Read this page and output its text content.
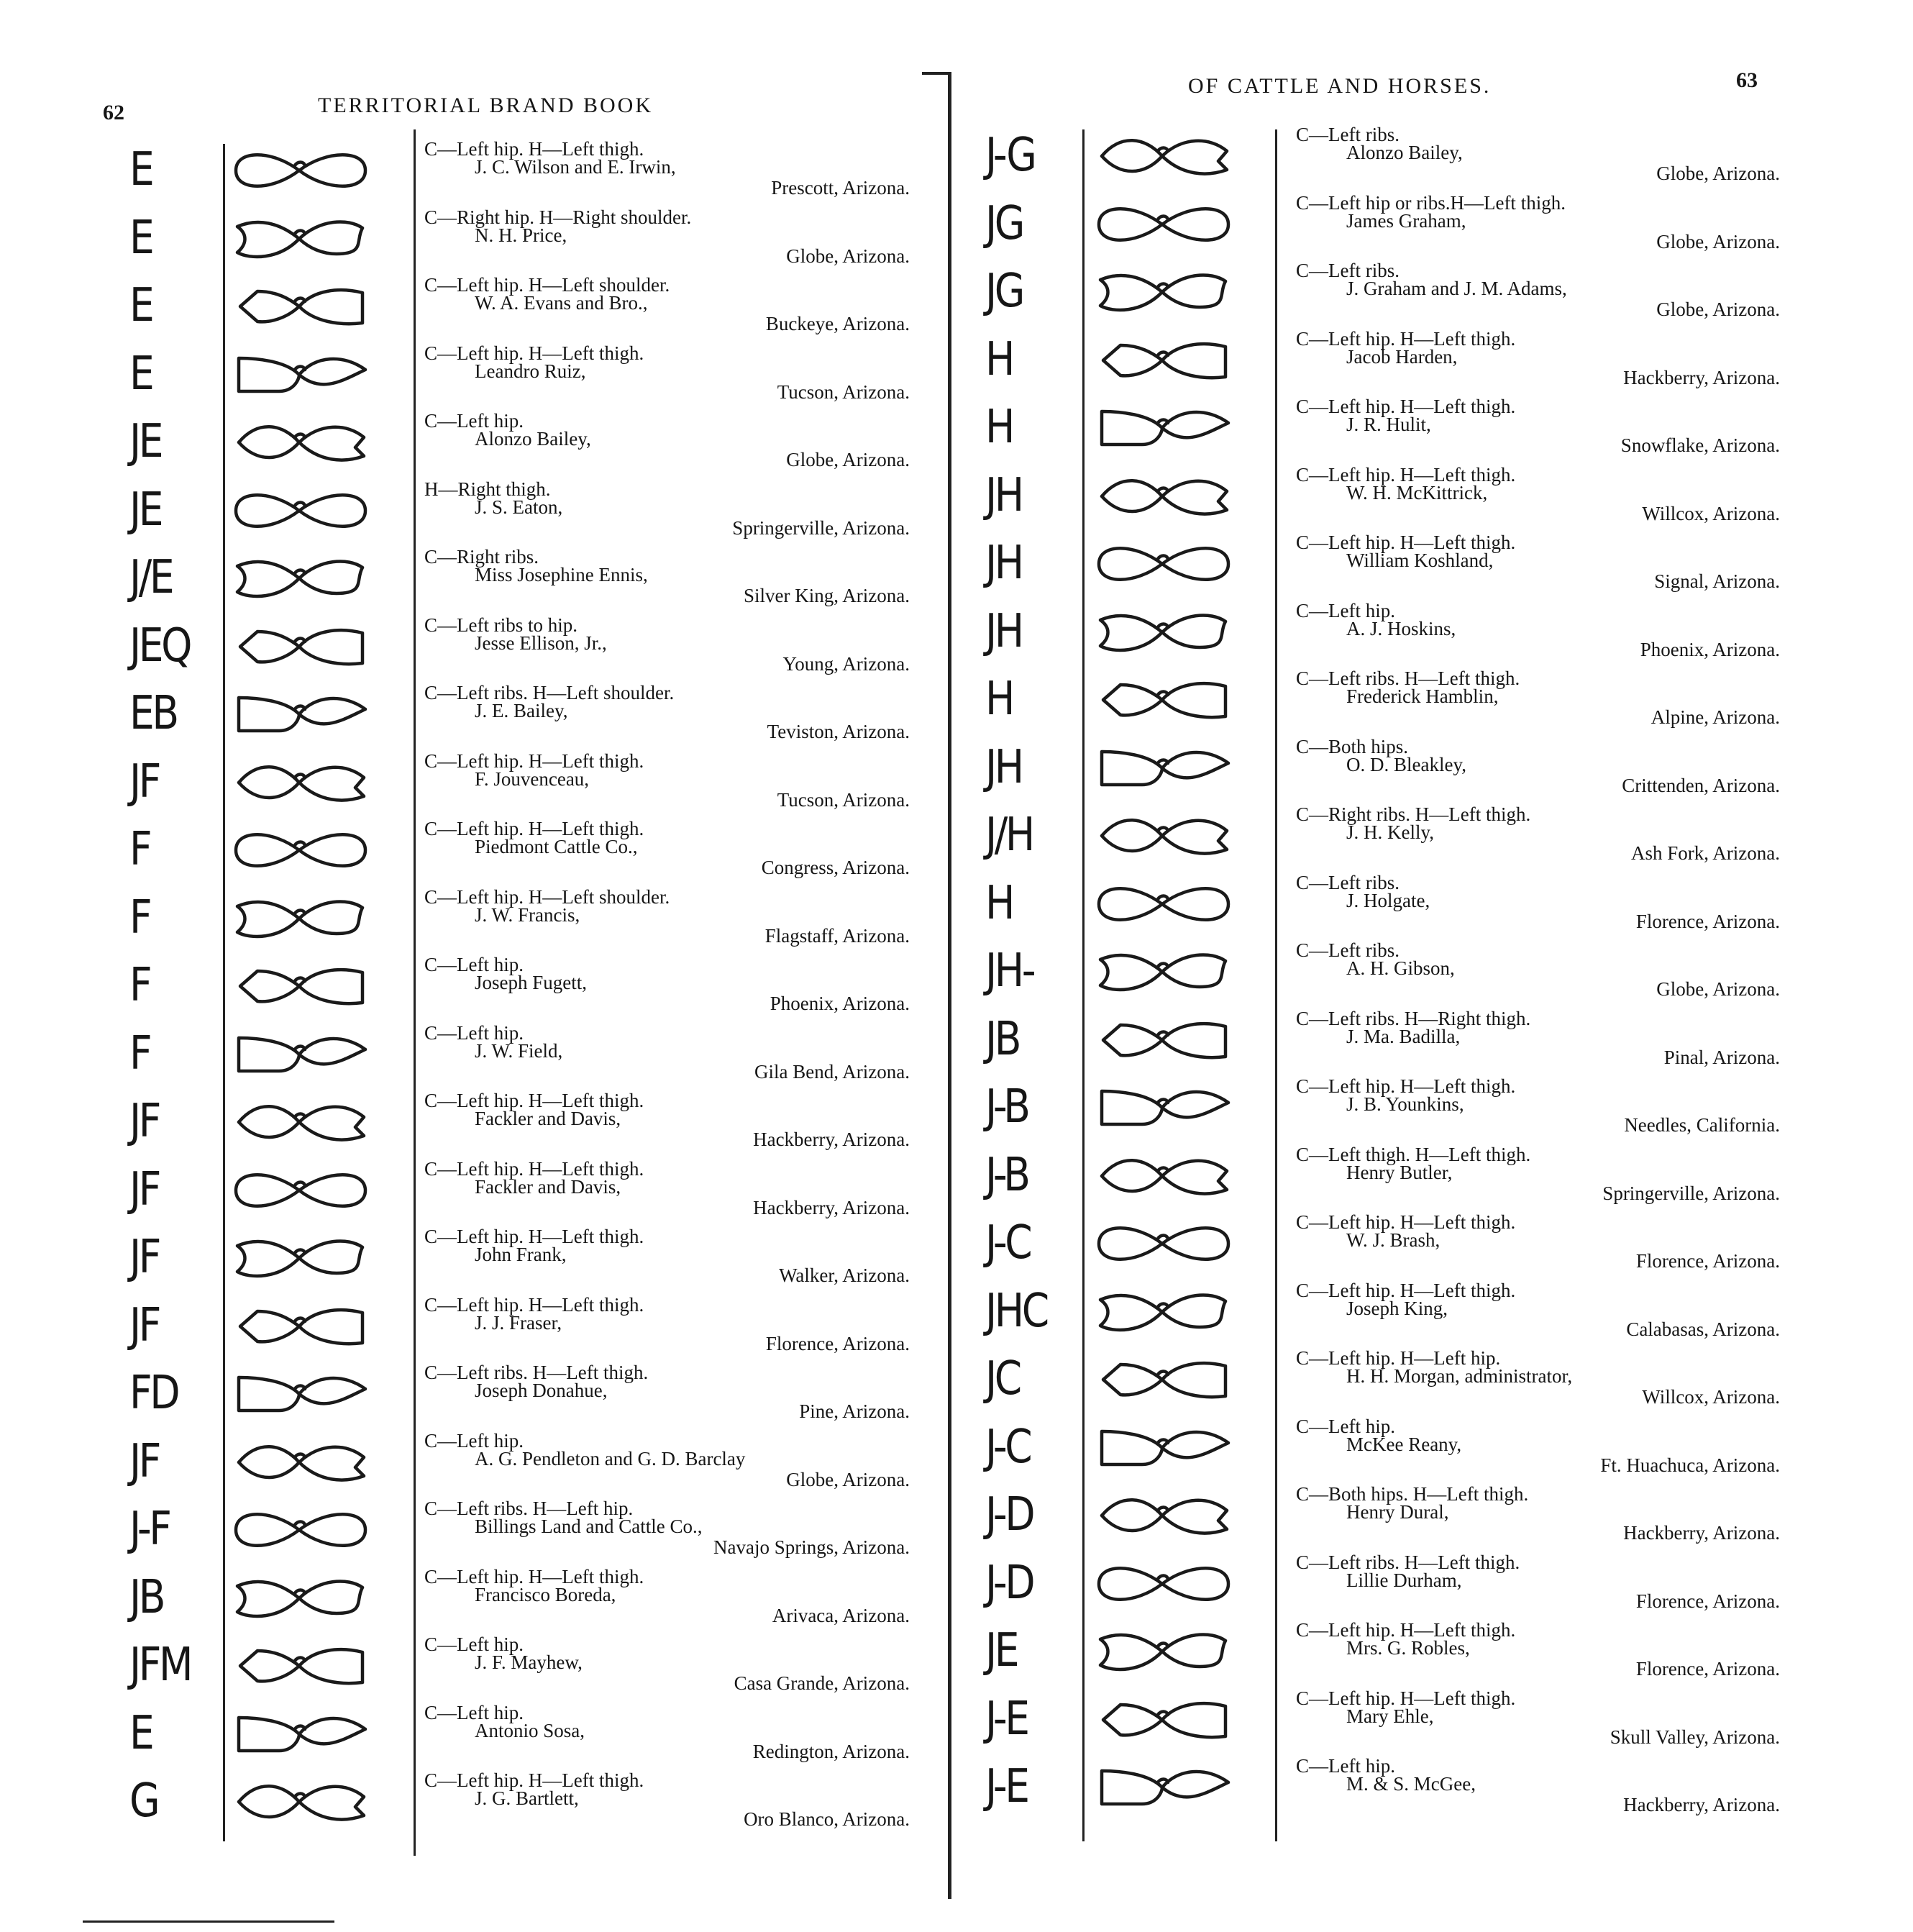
62	TERRITORIAL BRAND BOOK
OF CATTLE AND HORSES.	63
E	C—Left hip. H—Left thigh.
J. C. Wilson and E. Irwin,
Prescott, Arizona.
E	C—Right hip. H—Right shoulder.
N. H. Price,
Globe, Arizona.
E	C—Left hip. H—Left shoulder.
W. A. Evans and Bro.,
Buckeye, Arizona.
E	C—Left hip. H—Left thigh.
Leandro Ruiz,
Tucson, Arizona.
JE	C—Left hip.
Alonzo Bailey,
Globe, Arizona.
JE	H—Right thigh.
J. S. Eaton,
Springerville, Arizona.
J/E	C—Right ribs.
Miss Josephine Ennis,
Silver King, Arizona.
JEQ	C—Left ribs to hip.
Jesse Ellison, Jr.,
Young, Arizona.
EB	C—Left ribs. H—Left shoulder.
J. E. Bailey,
Teviston, Arizona.
JF	C—Left hip. H—Left thigh.
F. Jouvenceau,
Tucson, Arizona.
F	C—Left hip. H—Left thigh.
Piedmont Cattle Co.,
Congress, Arizona.
F	C—Left hip. H—Left shoulder.
J. W. Francis,
Flagstaff, Arizona.
F	C—Left hip.
Joseph Fugett,
Phoenix, Arizona.
F	C—Left hip.
J. W. Field,
Gila Bend, Arizona.
JF	C—Left hip. H—Left thigh.
Fackler and Davis,
Hackberry, Arizona.
JF	C—Left hip. H—Left thigh.
Fackler and Davis,
Hackberry, Arizona.
JF	C—Left hip. H—Left thigh.
John Frank,
Walker, Arizona.
JF	C—Left hip. H—Left thigh.
J. J. Fraser,
Florence, Arizona.
FD	C—Left ribs. H—Left thigh.
Joseph Donahue,
Pine, Arizona.
JF	C—Left hip.
A. G. Pendleton and G. D. Barclay
Globe, Arizona.
J-F	C—Left ribs. H—Left hip.
Billings Land and Cattle Co.,
Navajo Springs, Arizona.
JB	C—Left hip. H—Left thigh.
Francisco Boreda,
Arivaca, Arizona.
JFM	C—Left hip.
J. F. Mayhew,
Casa Grande, Arizona.
E	C—Left hip.
Antonio Sosa,
Redington, Arizona.
G	C—Left hip. H—Left thigh.
J. G. Bartlett,
Oro Blanco, Arizona.
J-G	C—Left ribs.
Alonzo Bailey,
Globe, Arizona.
JG	C—Left hip or ribs.H—Left thigh.
James Graham,
Globe, Arizona.
JG	C—Left ribs.
J. Graham and J. M. Adams,
Globe, Arizona.
H	C—Left hip. H—Left thigh.
Jacob Harden,
Hackberry, Arizona.
H	C—Left hip. H—Left thigh.
J. R. Hulit,
Snowflake, Arizona.
JH	C—Left hip. H—Left thigh.
W. H. McKittrick,
Willcox, Arizona.
JH	C—Left hip. H—Left thigh.
William Koshland,
Signal, Arizona.
JH	C—Left hip.
A. J. Hoskins,
Phoenix, Arizona.
H	C—Left ribs. H—Left thigh.
Frederick Hamblin,
Alpine, Arizona.
JH	C—Both hips.
O. D. Bleakley,
Crittenden, Arizona.
J/H	C—Right ribs. H—Left thigh.
J. H. Kelly,
Ash Fork, Arizona.
H	C—Left ribs.
J. Holgate,
Florence, Arizona.
JH-	C—Left ribs.
A. H. Gibson,
Globe, Arizona.
JB	C—Left ribs. H—Right thigh.
J. Ma. Badilla,
Pinal, Arizona.
J-B	C—Left hip. H—Left thigh.
J. B. Younkins,
Needles, California.
J-B	C—Left thigh. H—Left thigh.
Henry Butler,
Springerville, Arizona.
J-C	C—Left hip. H—Left thigh.
W. J. Brash,
Florence, Arizona.
JHC	C—Left hip. H—Left thigh.
Joseph King,
Calabasas, Arizona.
JC	C—Left hip. H—Left hip.
H. H. Morgan, administrator,
Willcox, Arizona.
J-C	C—Left hip.
McKee Reany,
Ft. Huachuca, Arizona.
J-D	C—Both hips. H—Left thigh.
Henry Dural,
Hackberry, Arizona.
J-D	C—Left ribs. H—Left thigh.
Lillie Durham,
Florence, Arizona.
JE	C—Left hip. H—Left thigh.
Mrs. G. Robles,
Florence, Arizona.
J-E	C—Left hip. H—Left thigh.
Mary Ehle,
Skull Valley, Arizona.
J-E	C—Left hip.
M. & S. McGee,
Hackberry, Arizona.
